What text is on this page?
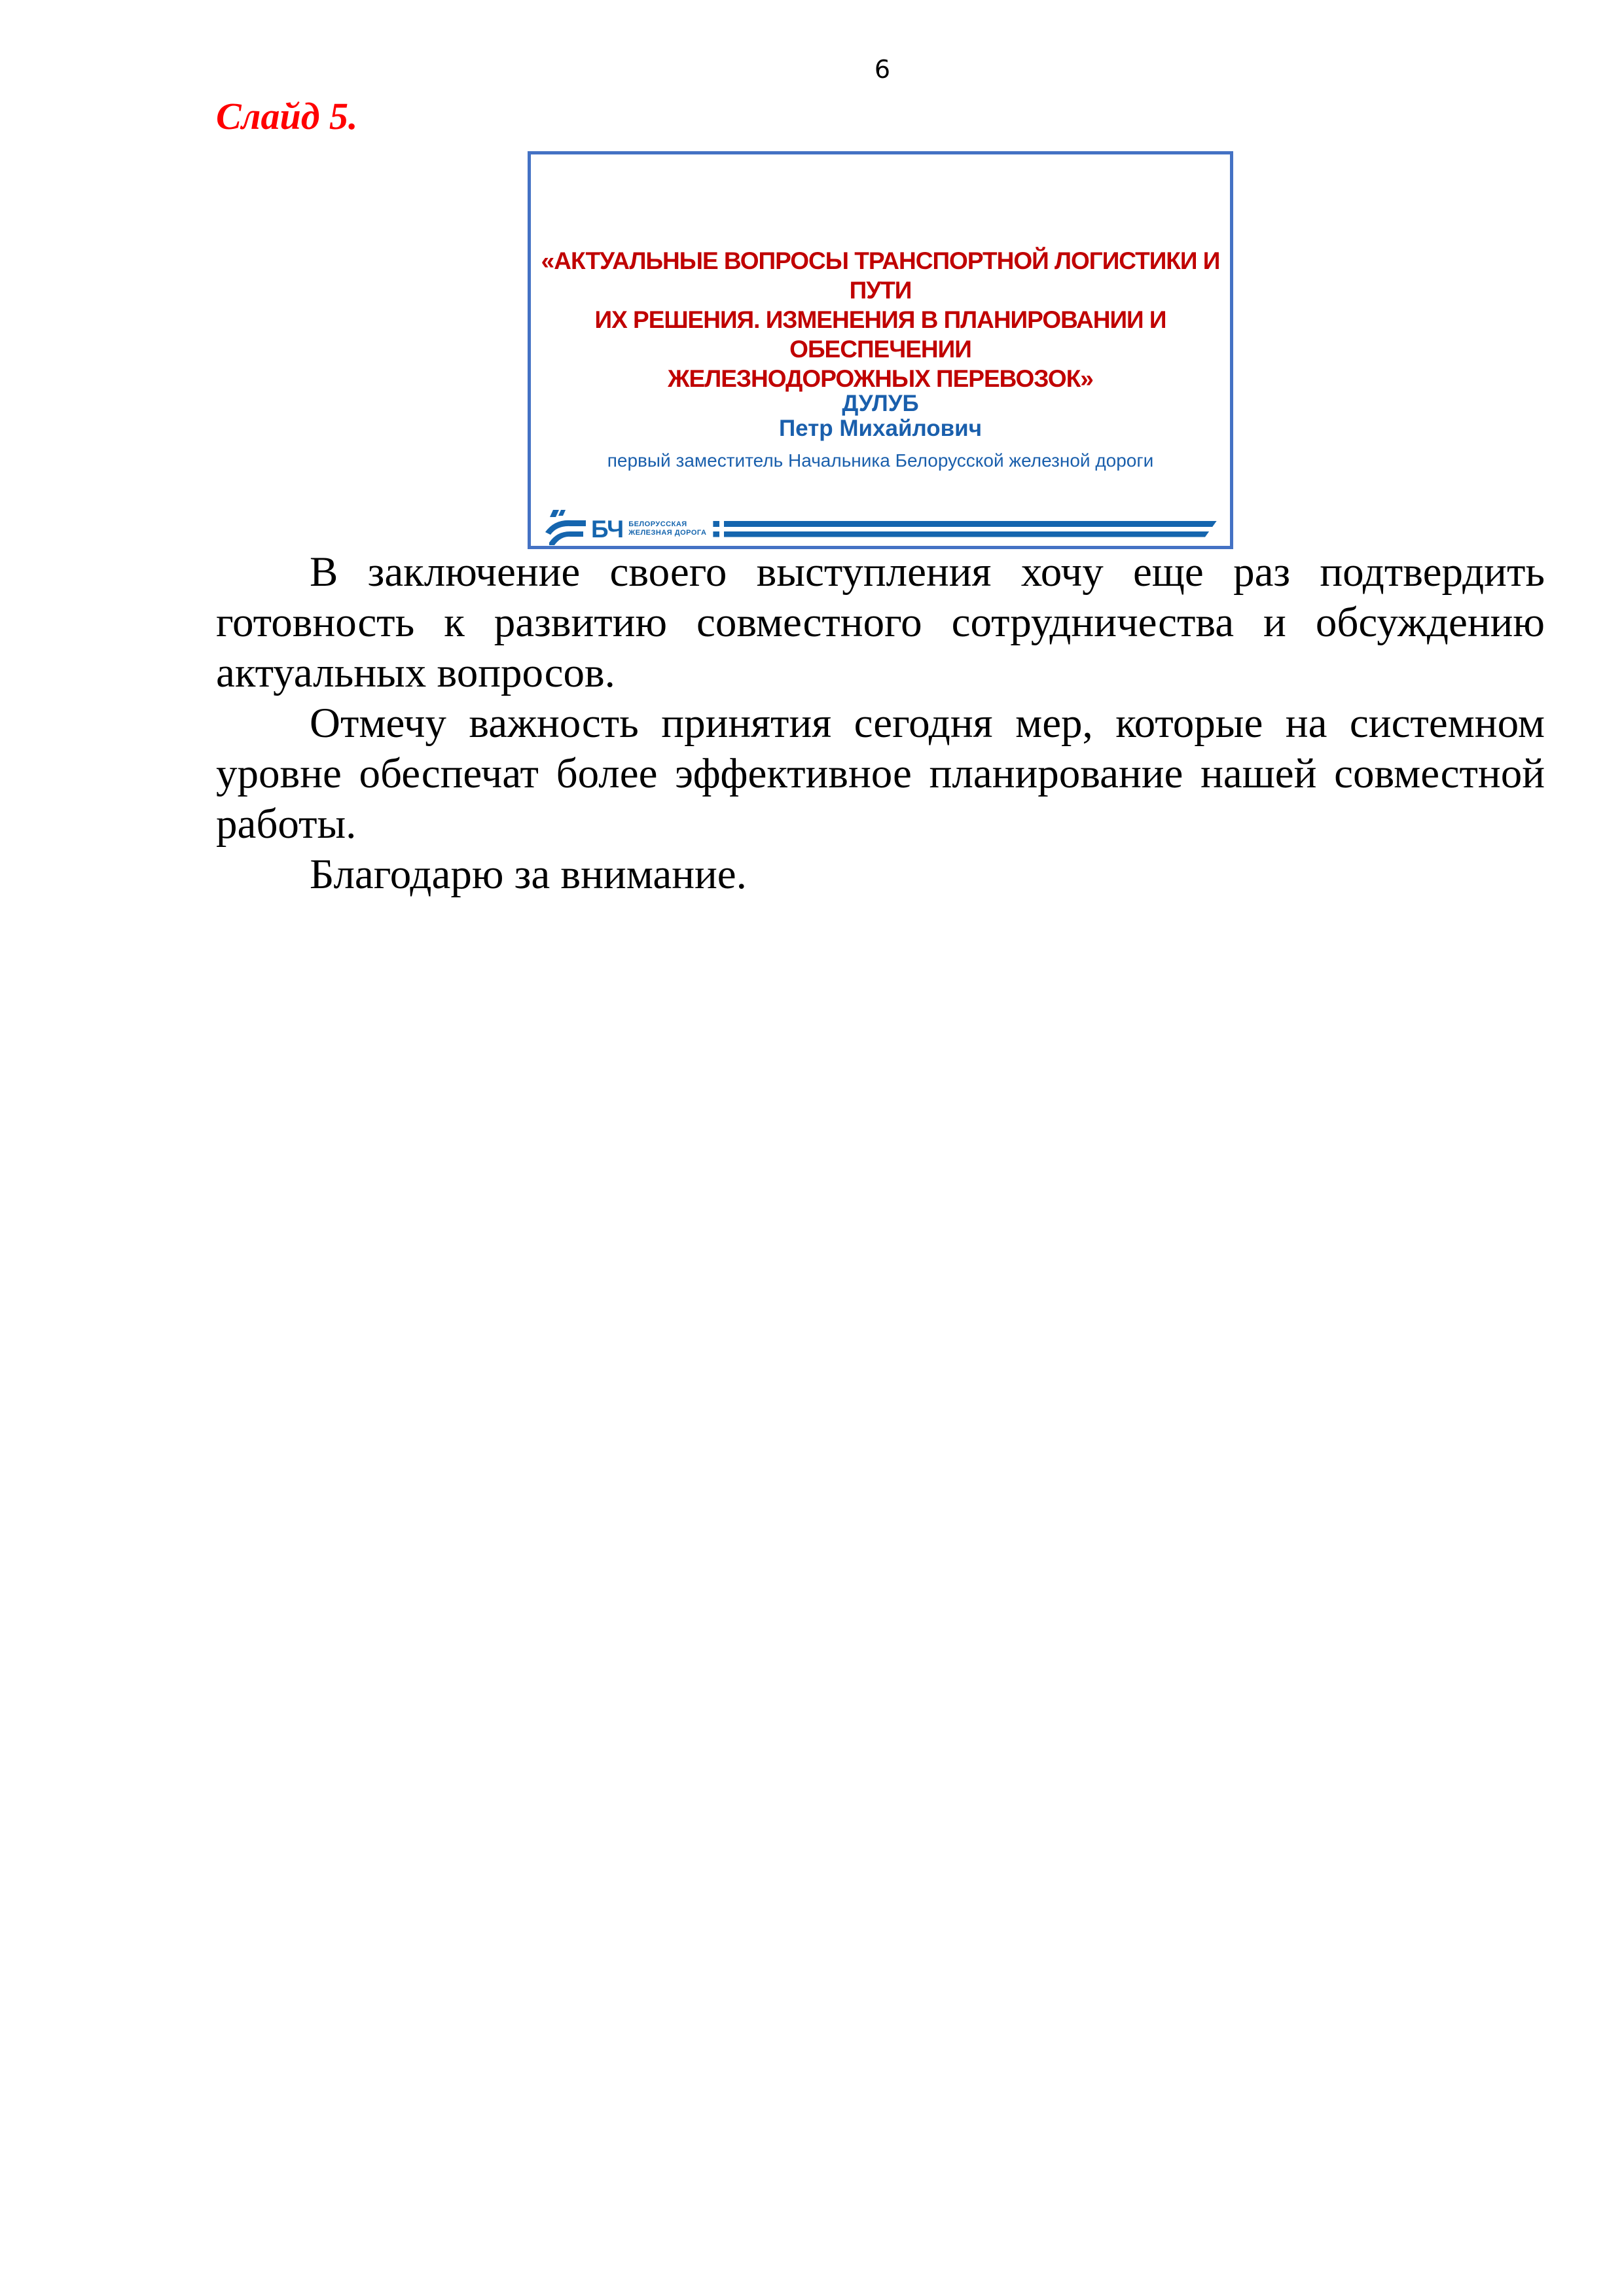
6
Слайд 5.
«АКТУАЛЬНЫЕ ВОПРОСЫ ТРАНСПОРТНОЙ ЛОГИСТИКИ И ПУТИ
ИХ РЕШЕНИЯ. ИЗМЕНЕНИЯ В ПЛАНИРОВАНИИ И ОБЕСПЕЧЕНИИ
ЖЕЛЕЗНОДОРОЖНЫХ ПЕРЕВОЗОК»
ДУЛУБ
Петр Михайлович
первый заместитель Начальника Белорусской железной дороги
БЧ БЕЛОРУССКАЯ
ЖЕЛЕЗНАЯ ДОРОГА

В заключение своего выступления хочу еще раз подтвердить готовность к развитию совместного сотрудничества и обсуждению актуальных вопросов.

Отмечу важность принятия сегодня мер, которые на системном уровне обеспечат более эффективное планирование нашей совместной работы.

Благодарю за внимание.
